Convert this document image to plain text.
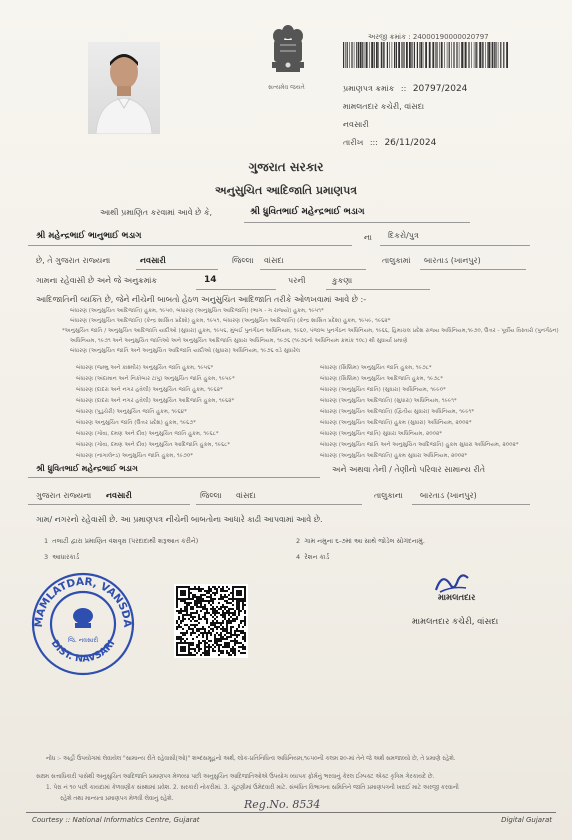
અરજી ક્રમાંક : 24000190000020797
સત્યમેવ જયતે	પ્રમાણપત્ર ક્રમાંક :: 20797/2024
મામલતદાર કચેરી, વાંસદા
નવસારી
તારીખ ::: 26/11/2024
ગુજરાત સરકાર
અનુસુચિત આદિજાતિ પ્રમાણપત્ર
આથી પ્રમાણિત કરવામાં આવે છે કે,	શ્રી ધ્રુવિતભાઈ મહેન્દ્રભાઈ ભડાગ
શ્રી મહેન્દ્રભાઈ ભાનુભાઈ ભડાગ	ના દિકરો/પુત્ર
છે, તે ગુજરાત રાજ્યના	નવસારી	જિલ્લા વાંસદા	તાલુકામાં બારતાડ (ખાનપુર)
ગામના રહેવાસી છે અને જે અનુક્રમાંક	14	પરની	કુકણા
આદિજાતિની વ્યક્તિ છે, જેને નીચેની બાબતો હેઠળ અનુસુચિત આદિજાતિ તરીકે ઓળખવામાં આવે છે :-
બંધારણ (અનુસુચિત આદિજાતિ) હુકમ, ૧૯૫૦, બંધારણ (અનુસુચિત આદિજાતિ) (ભાગ - ગ રાજ્યો) હુકમ, ૧૯૫૧*
બંધારણ (અનુસુચિત આદિજાતિ) (કેન્દ્ર શાસિત પ્રદેશો) હુકમ, ૧૯૫૧, બંધારણ (અનુસુચિત આદિજાતિ) (કેન્દ્ર શાસિત પ્રદેશ) હુકમ, ૧૯૫૯, ૧૯૬૨*
*અનુસુચિત જાતિ / અનુસુચિત આદિજાતિ યાદીઓ (સુધારા) હુકમ, ૧૯૫૬, મુંબઈ પુનર્ગઠન અધિનિયમ, ૧૯૬૦, પંજાબ પુનર્ગઠન અધિનિયમ, ૧૯૬૬, હિમાચલ પ્રદેશ રાજ્ય અધિનિયમ,૧૯૭૦, ઉત્તર - પૂર્વીય વિસ્તારો (પુનર્ગઠન)
અધિનિયમ, ૧૯૭૧ અને અનુસુચિત જાતિઓ અને અનુસુચિત આદિજાતિ સુધારા અધિનિયમ, ૧૯૭૬ (૧૯૭૬નો અધિનિયમ ક્રમાંક ૧૦૮) થી સુધાર્યા પ્રમાણે
બંધારણ (અનુસુચિત જાતિ અને અનુસુચિત આદિજાતિ યાદીઓ (સુધારા) અધિનિયમ, ૧૯૭૬ વડે સુધારેલ
બંધારણ (જમ્મુ અને કાશ્મીર) અનુસુચિત જાતિ હુકમ, ૧૯૫૬*
બંધારણ (અંદામાન અને નિકોબાર ટાપુ) અનુસુચિત જાતિ હુકમ, ૧૯૫૯*
બંધારણ (દાદરા અને નગર હવેલી) અનુસુચિત જાતિ હુકમ, ૧૯૬૨*
બંધારણ (દાદરા અને નગર હવેલી) અનુસુચિત આદિજાતિ હુકમ, ૧૯૬૨*
બંધારણ (પુડુચેરી) અનુસુચિત જાતિ હુકમ, ૧૯૬૪*
બંધારણ અનુસુચિત જાતિ (ઉત્તર પ્રદેશ) હુકમ, ૧૯૬૭*
બંધારણ (ગોવા, દમણ અને દીવ) અનુસુચિત જાતિ હુકમ, ૧૯૬૮*
બંધારણ (ગોવા, દમણ અને દીવ) અનુસુચિત આદિજાતિ હુકમ, ૧૯૬૮*
બંધારણ (નાગાલેન્ડ) અનુસુચિત જાતિ હુકમ, ૧૯૭૦*
બંધારણ (સિક્કિમ) અનુસુચિત જાતિ હુકમ, ૧૯૭૮*
બંધારણ (સિક્કિમ) અનુસુચિત આદિજાતિ હુકમ, ૧૯૭૮*
બંધારણ (અનુસુચિત જાતિ) (સુધારા) અધિનિયમ, ૧૯૯૦*
બંધારણ (અનુસુચિત આદિજાતિ) (સુધારા) અધિનિયમ, ૧૯૯૧*
બંધારણ (અનુસુચિત આદિજાતિ) (દ્વિતીય સુધારા) અધિનિયમ, ૧૯૯૧*
બંધારણ (અનુસુચિત આદિજાતિ) હુકમ (સુધારા) અધિનિયમ, ૨૦૦૨*
બંધારણ (અનુસુચિત જાતિ) સુધારા અધિનિયમ, ૨૦૦૨*
બંધારણ (અનુસુચિત જાતિ અને અનુસુચિત આદિજાતિ) હુકમ સુધારા અધિનિયમ, ૨૦૦૨*
બંધારણ (અનુસુચિત આદિજાતિ) હુકમ સુધારા અધિનિયમ, ૨૦૦૨*
શ્રી ધ્રુવિતભાઈ મહેન્દ્રભાઈ ભડાગ	અને અથવા તેની / તેણીનો પરિવાર સામાન્ય રીતે
ગુજરાત રાજ્યના નવસારી	જિલ્લા વાંસદા	તાલુકાના બારતાડ (ખાનપુર)
ગામ/ નગરનો રહેવાસી છે. આ પ્રમાણપત્ર નીચેની બાબતોના આધારે કાઢી આપવામાં આવે છે.
1 તલાટી દ્વારા પ્રમાણિત વંશવૃક્ષ (પરદાદાથી શરૂઆત કરીને)	2 ગામ નમુના ૬-૭માં આ સાથે જોડેલ સોગંદનામું.
3 આધારકાર્ડ	4 રેશન કાર્ડ
MAMLATDAR, VANSDA
DIST. NAVSARI
જિ. નવસારી
મામલતદાર
મામલતદાર કચેરી, વાંસદા
નોંધ :- અહીં ઉપયોગમાં લેવાયેલ "સામાન્ય રીતે રહેવાસી(ઓ)" શબ્દસમૂહનો અર્થ, લોક-પ્રતિનિધિત્વ અધિનિયમ,૧૯૫૦ની કલમ ૨૦-માં તેને જે અર્થ સમજાવ્યો છે, તે પ્રમાણે રહેશે.
સક્ષમ સત્તાધિકારી પાસેથી અનુસુચિત આદિજાતિ પ્રમાણપત્ર મેળવ્યા પછી અનુસુચિત આદિજાતિઓએ ઉપયોગ વ્યાપક ફોર્મનું ભરવાનું કેરલ ઈમ્પક્ટ એક્ટ કૃત્રિમ ગેરકાયદે છે.
1. પેરા નં ૧૦ પછી કાયદામાં કેળવણીક સંસ્થામાં પ્રવેશ. 2. સરકારી નોકરીમાં. 3. ચૂંટણીમાં ઉમેદવારી માટે. સંબંધિત વિભાગના સમિતિને જાતિ પ્રમાણપત્રની ખરાઈ માટે અરજી કરવાની
રહેશે તથા માન્યતા પ્રમાણપત્ર મેળવી લેવાનું રહેશે.	Reg.No. 8534
Courtesy :: National Informatics Centre, Gujarat	Digital Gujarat
